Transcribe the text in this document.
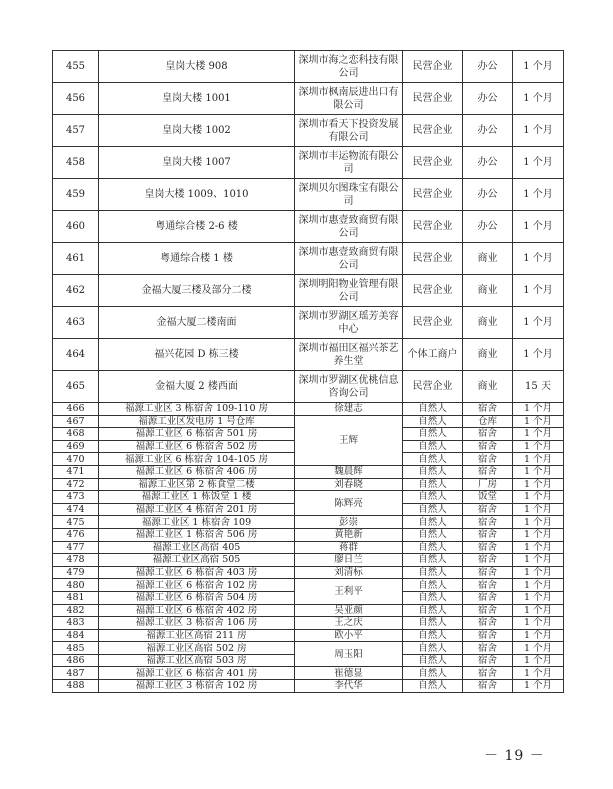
455	皇岗大楼 908	深圳市海之恋科技有限公司	民营企业	办公	1 个月
456	皇岗大楼 1001	深圳市枫南辰进出口有限公司	民营企业	办公	1 个月
457	皇岗大楼 1002	深圳市看天下投资发展有限公司	民营企业	办公	1 个月
458	皇岗大楼 1007	深圳市丰运物流有限公司	民营企业	办公	1 个月
459	皇岗大楼 1009、1010	深圳贝尔图珠宝有限公司	民营企业	办公	1 个月
460	粤通综合楼 2-6 楼	深圳市惠壹致商贸有限公司	民营企业	办公	1 个月
461	粤通综合楼 1 楼	深圳市惠壹致商贸有限公司	民营企业	商业	1 个月
462	金福大厦三楼及部分二楼	深圳明阳物业管理有限公司	民营企业	商业	1 个月
463	金福大厦二楼南面	深圳市罗湖区瑶芳美容中心	民营企业	商业	1 个月
464	福兴花园 D 栋三楼	深圳市福田区福兴茶艺养生堂	个体工商户	商业	1 个月
465	金福大厦 2 楼西面	深圳市罗湖区优桃信息咨询公司	民营企业	商业	15 天
466	福源工业区 3 栋宿舍 109-110 房	徐建志	自然人	宿舍	1 个月
467	福源工业区发电房 1 号仓库	王辉	自然人	仓库	1 个月
468	福源工业区 6 栋宿舍 501 房		自然人	宿舍	1 个月
469	福源工业区 6 栋宿舍 502 房		自然人	宿舍	1 个月
470	福源工业区 6 栋宿舍 104-105 房		自然人	宿舍	1 个月
471	福源工业区 6 栋宿舍 406 房	魏晨辉	自然人	宿舍	1 个月
472	福源工业区第 2 栋食堂二楼	刘春晓	自然人	厂房	1 个月
473	福源工业区 1 栋饭堂 1 楼	陈辉亮	自然人	饭堂	1 个月
474	福源工业区 4 栋宿舍 201 房		自然人	宿舍	1 个月
475	福源工业区 1 栋宿舍 109	彭崇	自然人	宿舍	1 个月
476	福源工业区 1 栋宿舍 506 房	黄艳新	自然人	宿舍	1 个月
477	福源工业区高宿 405	蒋群	自然人	宿舍	1 个月
478	福源工业区高宿 505	廖日兰	自然人	宿舍	1 个月
479	福源工业区 6 栋宿舍 403 房	刘清标	自然人	宿舍	1 个月
480	福源工业区 6 栋宿舍 102 房	王利平	自然人	宿舍	1 个月
481	福源工业区 6 栋宿舍 504 房		自然人	宿舍	1 个月
482	福源工业区 6 栋宿舍 402 房	吴亚颜	自然人	宿舍	1 个月
483	福源工业区 3 栋宿舍 106 房	王之庆	自然人	宿舍	1 个月
484	福源工业区高宿 211 房	欧小平	自然人	宿舍	1 个月
485	福源工业区高宿 502 房	周玉阳	自然人	宿舍	1 个月
486	福源工业区高宿 503 房		自然人	宿舍	1 个月
487	福源工业区 6 栋宿舍 401 房	崔德显	自然人	宿舍	1 个月
488	福源工业区 3 栋宿舍 102 房	李代华	自然人	宿舍	1 个月
－ 19 －
